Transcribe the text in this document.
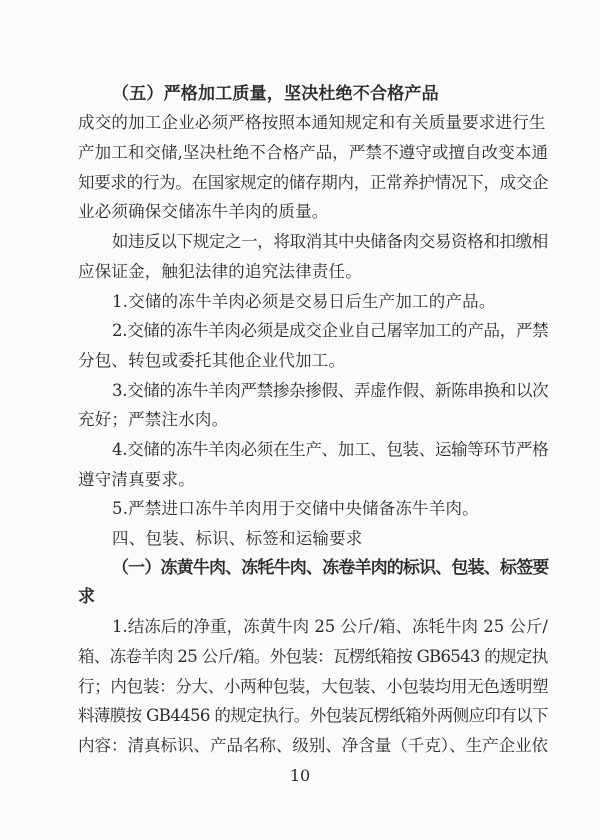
（五）严格加工质量，坚决杜绝不合格产品
成交的加工企业必须严格按照本通知规定和有关质量要求进行生
产加工和交储,坚决杜绝不合格产品，严禁不遵守或擅自改变本通
知要求的行为。在国家规定的储存期内，正常养护情况下，成交企
业必须确保交储冻牛羊肉的质量。
如违反以下规定之一，将取消其中央储备肉交易资格和扣缴相
应保证金，触犯法律的追究法律责任。
1.交储的冻牛羊肉必须是交易日后生产加工的产品。
2.交储的冻牛羊肉必须是成交企业自己屠宰加工的产品，严禁
分包、转包或委托其他企业代加工。
3.交储的冻牛羊肉严禁掺杂掺假、弄虚作假、新陈串换和以次
充好；严禁注水肉。
4.交储的冻牛羊肉必须在生产、加工、包装、运输等环节严格
遵守清真要求。
5.严禁进口冻牛羊肉用于交储中央储备冻牛羊肉。
四、包装、标识、标签和运输要求
（一）冻黄牛肉、冻牦牛肉、冻卷羊肉的标识、包装、标签要
求
1.结冻后的净重，冻黄牛肉 25 公斤/箱、冻牦牛肉 25 公斤/
箱、冻卷羊肉 25 公斤/箱。外包装：瓦楞纸箱按 GB6543 的规定执
行；内包装：分大、小两种包装，大包装、小包装均用无色透明塑
料薄膜按 GB4456 的规定执行。外包装瓦楞纸箱外两侧应印有以下
内容：清真标识、产品名称、级别、净含量（千克）、生产企业依
10
